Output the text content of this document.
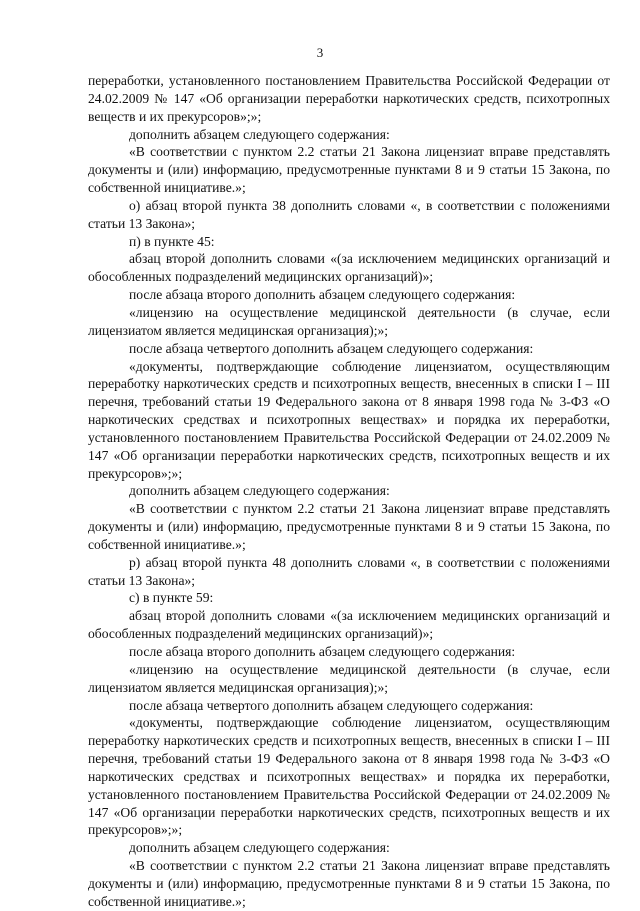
3

переработки, установленного постановлением Правительства Российской Федерации от 24.02.2009 № 147 «Об организации переработки наркотических средств, психотропных веществ и их прекурсоров»;»;

дополнить абзацем следующего содержания:

«В соответствии с пунктом 2.2 статьи 21 Закона лицензиат вправе представлять документы и (или) информацию, предусмотренные пунктами 8 и 9 статьи 15 Закона, по собственной инициативе.»;

о) абзац второй пункта 38 дополнить словами «, в соответствии с положениями статьи 13 Закона»;

п) в пункте 45:

абзац второй дополнить словами «(за исключением медицинских организаций и обособленных подразделений медицинских организаций)»;

после абзаца второго дополнить абзацем следующего содержания:

«лицензию на осуществление медицинской деятельности (в случае, если лицензиатом является медицинская организация);»;

после абзаца четвертого дополнить абзацем следующего содержания:

«документы, подтверждающие соблюдение лицензиатом, осуществляющим переработку наркотических средств и психотропных веществ, внесенных в списки I – III перечня, требований статьи 19 Федерального закона от 8 января 1998 года № 3-ФЗ «О наркотических средствах и психотропных веществах» и порядка их переработки, установленного постановлением Правительства Российской Федерации от 24.02.2009 № 147 «Об организации переработки наркотических средств, психотропных веществ и их прекурсоров»;»;

дополнить абзацем следующего содержания:

«В соответствии с пунктом 2.2 статьи 21 Закона лицензиат вправе представлять документы и (или) информацию, предусмотренные пунктами 8 и 9 статьи 15 Закона, по собственной инициативе.»;

р) абзац второй пункта 48 дополнить словами «, в соответствии с положениями статьи 13 Закона»;

с) в пункте 59:

абзац второй дополнить словами «(за исключением медицинских организаций и обособленных подразделений медицинских организаций)»;

после абзаца второго дополнить абзацем следующего содержания:

«лицензию на осуществление медицинской деятельности (в случае, если лицензиатом является медицинская организация);»;

после абзаца четвертого дополнить абзацем следующего содержания:

«документы, подтверждающие соблюдение лицензиатом, осуществляющим переработку наркотических средств и психотропных веществ, внесенных в списки I – III перечня, требований статьи 19 Федерального закона от 8 января 1998 года № 3-ФЗ «О наркотических средствах и психотропных веществах» и порядка их переработки, установленного постановлением Правительства Российской Федерации от 24.02.2009 № 147 «Об организации переработки наркотических средств, психотропных веществ и их прекурсоров»;»;

дополнить абзацем следующего содержания:

«В соответствии с пунктом 2.2 статьи 21 Закона лицензиат вправе представлять документы и (или) информацию, предусмотренные пунктами 8 и 9 статьи 15 Закона, по собственной инициативе.»;
